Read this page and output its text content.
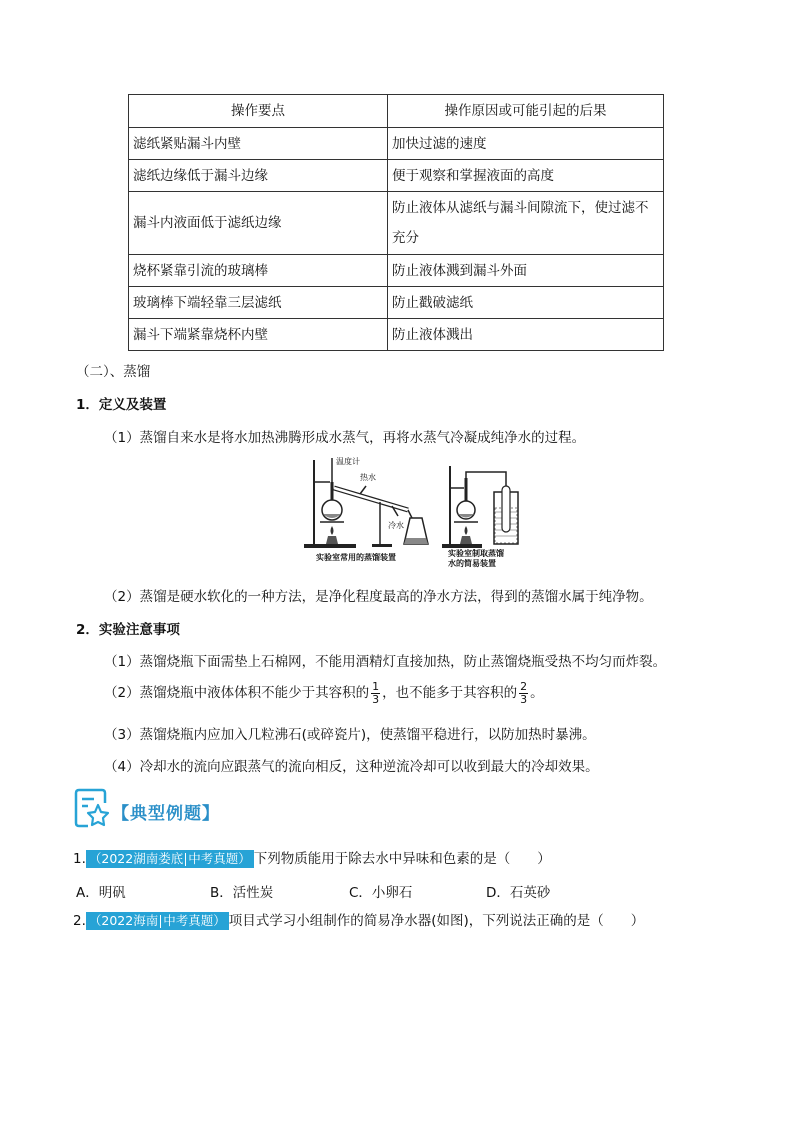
操作要点	操作原因或可能引起的后果
滤纸紧贴漏斗内壁	加快过滤的速度
滤纸边缘低于漏斗边缘	便于观察和掌握液面的高度
漏斗内液面低于滤纸边缘	防止液体从滤纸与漏斗间隙流下，使过滤不
充分

烧杯紧靠引流的玻璃棒	防止液体溅到漏斗外面
玻璃棒下端轻靠三层滤纸	防止戳破滤纸
漏斗下端紧靠烧杯内壁	防止液体溅出
（二）、蒸馏
1．定义及装置
（1）蒸馏自来水是将水加热沸腾形成水蒸气，再将水蒸气冷凝成纯净水的过程。
温度计
热水
冷水
实验室常用的蒸馏装置	实验室制取蒸馏
水的简易装置
（2）蒸馏是硬水软化的一种方法，是净化程度最高的净水方法，得到的蒸馏水属于纯净物。
2．实验注意事项
（1）蒸馏烧瓶下面需垫上石棉网，不能用酒精灯直接加热，防止蒸馏烧瓶受热不均匀而炸裂。
（2）蒸馏烧瓶中液体体积不能少于其容积的 $\frac{1}{3}$ ，也不能多于其容积的 $\frac{2}{3}$ 。
（3）蒸馏烧瓶内应加入几粒沸石(或碎瓷片)，使蒸馏平稳进行，以防加热时暴沸。
（4）冷却水的流向应跟蒸气的流向相反，这种逆流冷却可以收到最大的冷却效果。
【典型例题】
1. （2022湖南娄底 中考真题） 下列物质能用于除去水中异味和色素的是（　　）
A．明矾	B．活性炭	C．小卵石	D．石英砂
2. （2022海南 中考真题） 项目式学习小组制作的简易净水器(如图)，下列说法正确的是（　　）
